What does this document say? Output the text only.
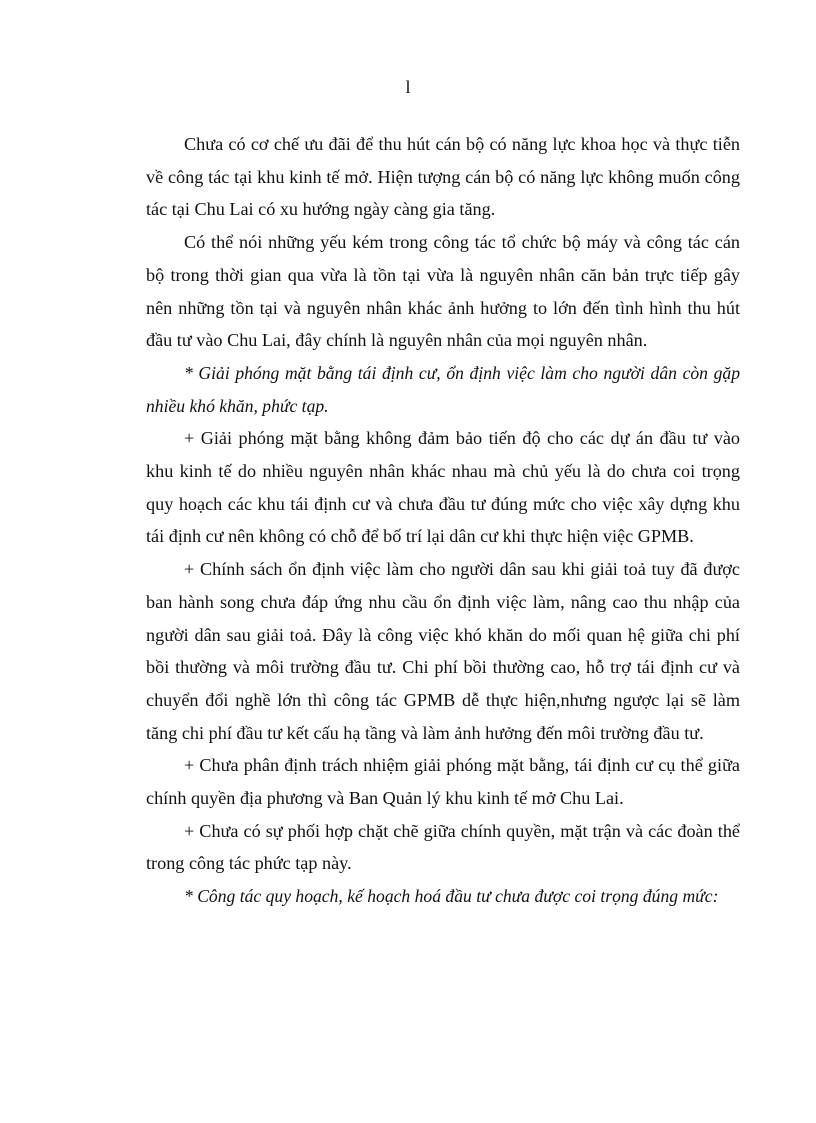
l

Chưa có cơ chế ưu đãi để thu hút cán bộ có năng lực khoa học và thực tiễn về công tác tại khu kinh tế mở. Hiện tượng cán bộ có năng lực không muốn công tác tại Chu Lai có xu hướng ngày càng gia tăng.

Có thể nói những yếu kém trong công tác tổ chức bộ máy và công tác cán bộ trong thời gian qua vừa là tồn tại vừa là nguyên nhân căn bản trực tiếp gây nên những tồn tại và nguyên nhân khác ảnh hưởng to lớn đến tình hình thu hút đầu tư vào Chu Lai, đây chính là nguyên nhân của mọi nguyên nhân.

* Giải phóng mặt bằng tái định cư, ổn định việc làm cho người dân còn gặp nhiều khó khăn, phức tạp.

+ Giải phóng mặt bằng không đảm bảo tiến độ cho các dự án đầu tư vào khu kinh tế do nhiều nguyên nhân khác nhau mà chủ yếu là do chưa coi trọng quy hoạch các khu tái định cư và chưa đầu tư đúng mức cho việc xây dựng khu tái định cư nên không có chỗ để bố trí lại dân cư khi thực hiện việc GPMB.

+ Chính sách ổn định việc làm cho người dân sau khi giải toả tuy đã được ban hành song chưa đáp ứng nhu cầu ổn định việc làm, nâng cao thu nhập của người dân sau giải toả. Đây là công việc khó khăn do mối quan hệ giữa chi phí bồi thường và môi trường đầu tư. Chi phí bồi thường cao, hỗ trợ tái định cư và chuyển đổi nghề lớn thì công tác GPMB dễ thực hiện,nhưng ngược lại sẽ làm tăng chi phí đầu tư kết cấu hạ tầng và làm ảnh hưởng đến môi trường đầu tư.

+ Chưa phân định trách nhiệm giải phóng mặt bằng, tái định cư cụ thể giữa chính quyền địa phương và Ban Quản lý khu kinh tế mở Chu Lai.

+ Chưa có sự phối hợp chặt chẽ giữa chính quyền, mặt trận và các đoàn thể trong công tác phức tạp này.

* Công tác quy hoạch, kế hoạch hoá đầu tư chưa được coi trọng đúng mức:
